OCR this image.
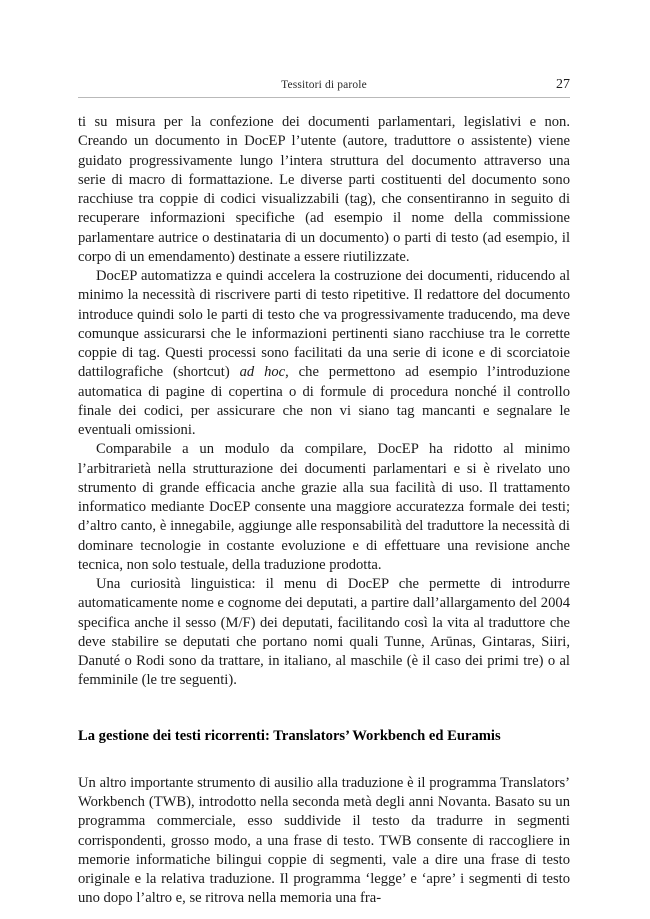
Tessitori di parole	27

ti su misura per la confezione dei documenti parlamentari, legislativi e non. Creando un documento in DocEP l’utente (autore, traduttore o assistente) viene guidato progressivamente lungo l’intera struttura del documento attraverso una serie di macro di formattazione. Le diverse parti costituenti del documento sono racchiuse tra coppie di codici visualizzabili (tag), che consentiranno in seguito di recuperare informazioni specifiche (ad esempio il nome della commissione parlamentare autrice o destinataria di un documento) o parti di testo (ad esempio, il corpo di un emendamento) destinate a essere riutilizzate.

DocEP automatizza e quindi accelera la costruzione dei documenti, riducendo al minimo la necessità di riscrivere parti di testo ripetitive. Il redattore del documento introduce quindi solo le parti di testo che va progressivamente traducendo, ma deve comunque assicurarsi che le informazioni pertinenti siano racchiuse tra le corrette coppie di tag. Questi processi sono facilitati da una serie di icone e di scorciatoie dattilografiche (shortcut) ad hoc, che permettono ad esempio l’introduzione automatica di pagine di copertina o di formule di procedura nonché il controllo finale dei codici, per assicurare che non vi siano tag mancanti e segnalare le eventuali omissioni.

Comparabile a un modulo da compilare, DocEP ha ridotto al minimo l’arbitrarietà nella strutturazione dei documenti parlamentari e si è rivelato uno strumento di grande efficacia anche grazie alla sua facilità di uso. Il trattamento informatico mediante DocEP consente una maggiore accuratezza formale dei testi; d’altro canto, è innegabile, aggiunge alle responsabilità del traduttore la necessità di dominare tecnologie in costante evoluzione e di effettuare una revisione anche tecnica, non solo testuale, della traduzione prodotta.

Una curiosità linguistica: il menu di DocEP che permette di introdurre automaticamente nome e cognome dei deputati, a partire dall’allargamento del 2004 specifica anche il sesso (M/F) dei deputati, facilitando così la vita al traduttore che deve stabilire se deputati che portano nomi quali Tunne, Arūnas, Gintaras, Siiri, Danuté o Rodi sono da trattare, in italiano, al maschile (è il caso dei primi tre) o al femminile (le tre seguenti).

La gestione dei testi ricorrenti: Translators’ Workbench ed Euramis

Un altro importante strumento di ausilio alla traduzione è il programma Translators’ Workbench (TWB), introdotto nella seconda metà degli anni Novanta. Basato su un programma commerciale, esso suddivide il testo da tradurre in segmenti corrispondenti, grosso modo, a una frase di testo. TWB consente di raccogliere in memorie informatiche bilingui coppie di segmenti, vale a dire una frase di testo originale e la relativa traduzione. Il programma ‘legge’ e ‘apre’ i segmenti di testo uno dopo l’altro e, se ritrova nella memoria una fra-
